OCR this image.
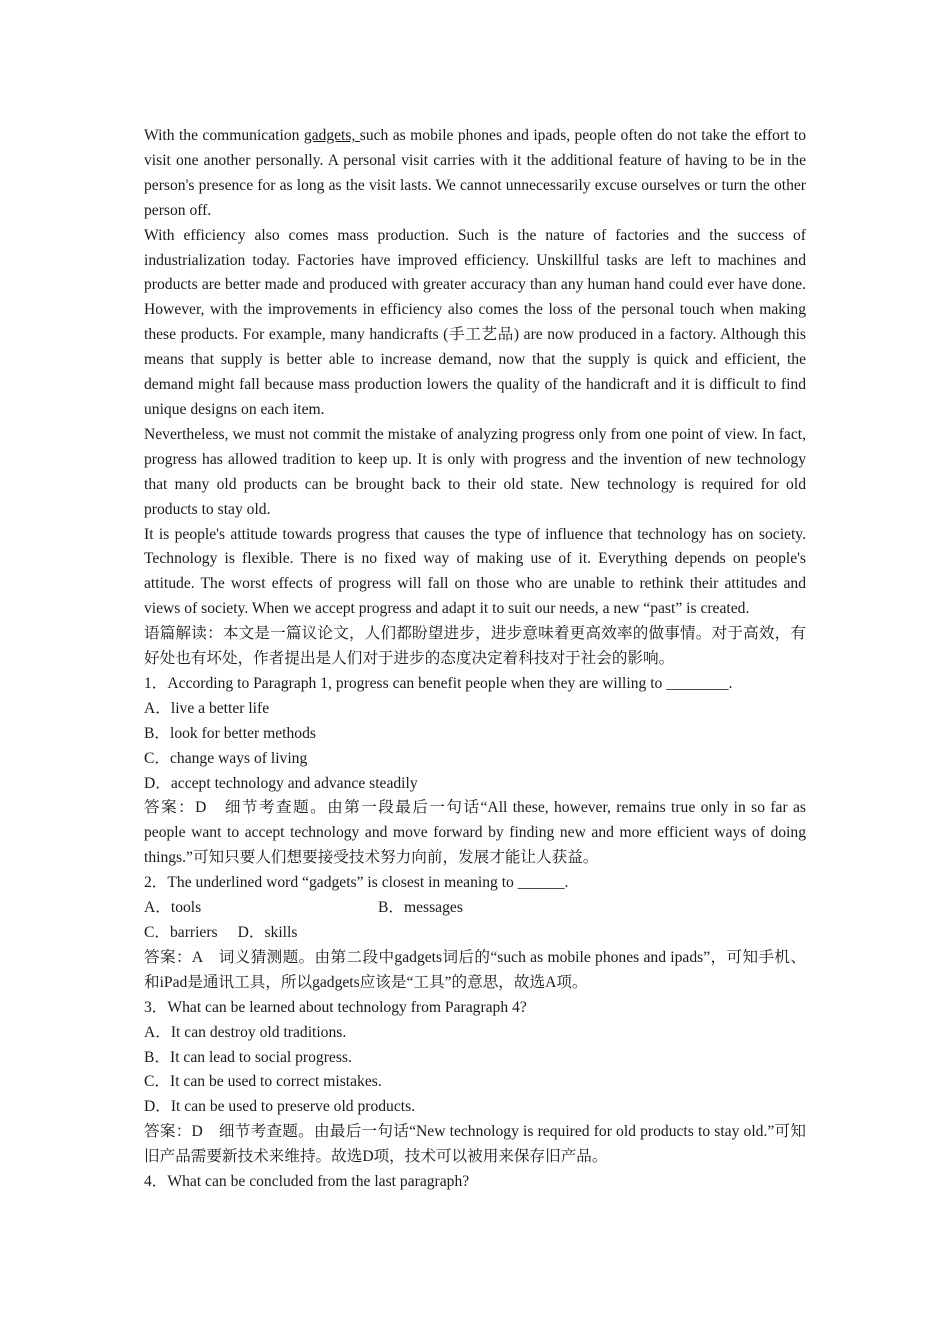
With the communication gadgets, such as mobile phones and ipads, people often do not take the effort to visit one another personally. A personal visit carries with it the additional feature of having to be in the person's presence for as long as the visit lasts. We cannot unnecessarily excuse ourselves or turn the other person off.

With efficiency also comes mass production. Such is the nature of factories and the success of industrialization today. Factories have improved efficiency. Unskillful tasks are left to machines and products are better made and produced with greater accuracy than any human hand could ever have done. However, with the improvements in efficiency also comes the loss of the personal touch when making these products. For example, many handicrafts (手工艺品) are now produced in a factory. Although this means that supply is better able to increase demand, now that the supply is quick and efficient, the demand might fall because mass production lowers the quality of the handicraft and it is difficult to find unique designs on each item.

Nevertheless, we must not commit the mistake of analyzing progress only from one point of view. In fact, progress has allowed tradition to keep up. It is only with progress and the invention of new technology that many old products can be brought back to their old state. New technology is required for old products to stay old.

It is people's attitude towards progress that causes the type of influence that technology has on society. Technology is flexible. There is no fixed way of making use of it. Everything depends on people's attitude. The worst effects of progress will fall on those who are unable to rethink their attitudes and views of society. When we accept progress and adapt it to suit our needs, a new “past” is created.

语篇解读：本文是一篇议论文，人们都盼望进步，进步意味着更高效率的做事情。对于高效，有好处也有坏处，作者提出是人们对于进步的态度决定着科技对于社会的影响。

1．According to Paragraph 1, progress can benefit people when they are willing to ________.

A．live a better life

B．look for better methods

C．change ways of living

D．accept technology and advance steadily

答案：D　细节考查题。由第一段最后一句话“All these, however, remains true only in so far as people want to accept technology and move forward by finding new and more efficient ways of doing things.”可知只要人们想要接受技术努力向前，发展才能让人获益。

2．The underlined word “gadgets” is closest in meaning to ______.

A．tools	B．messages

C．barriers D．skills

答案：A　词义猜测题。由第二段中gadgets词后的“such as mobile phones and ipads”，可知手机、和iPad是通讯工具，所以gadgets应该是“工具”的意思，故选A项。

3．What can be learned about technology from Paragraph 4?

A．It can destroy old traditions.

B．It can lead to social progress.

C．It can be used to correct mistakes.

D．It can be used to preserve old products.

答案：D　细节考查题。由最后一句话“New technology is required for old products to stay old.”可知旧产品需要新技术来维持。故选D项，技术可以被用来保存旧产品。

4．What can be concluded from the last paragraph?
